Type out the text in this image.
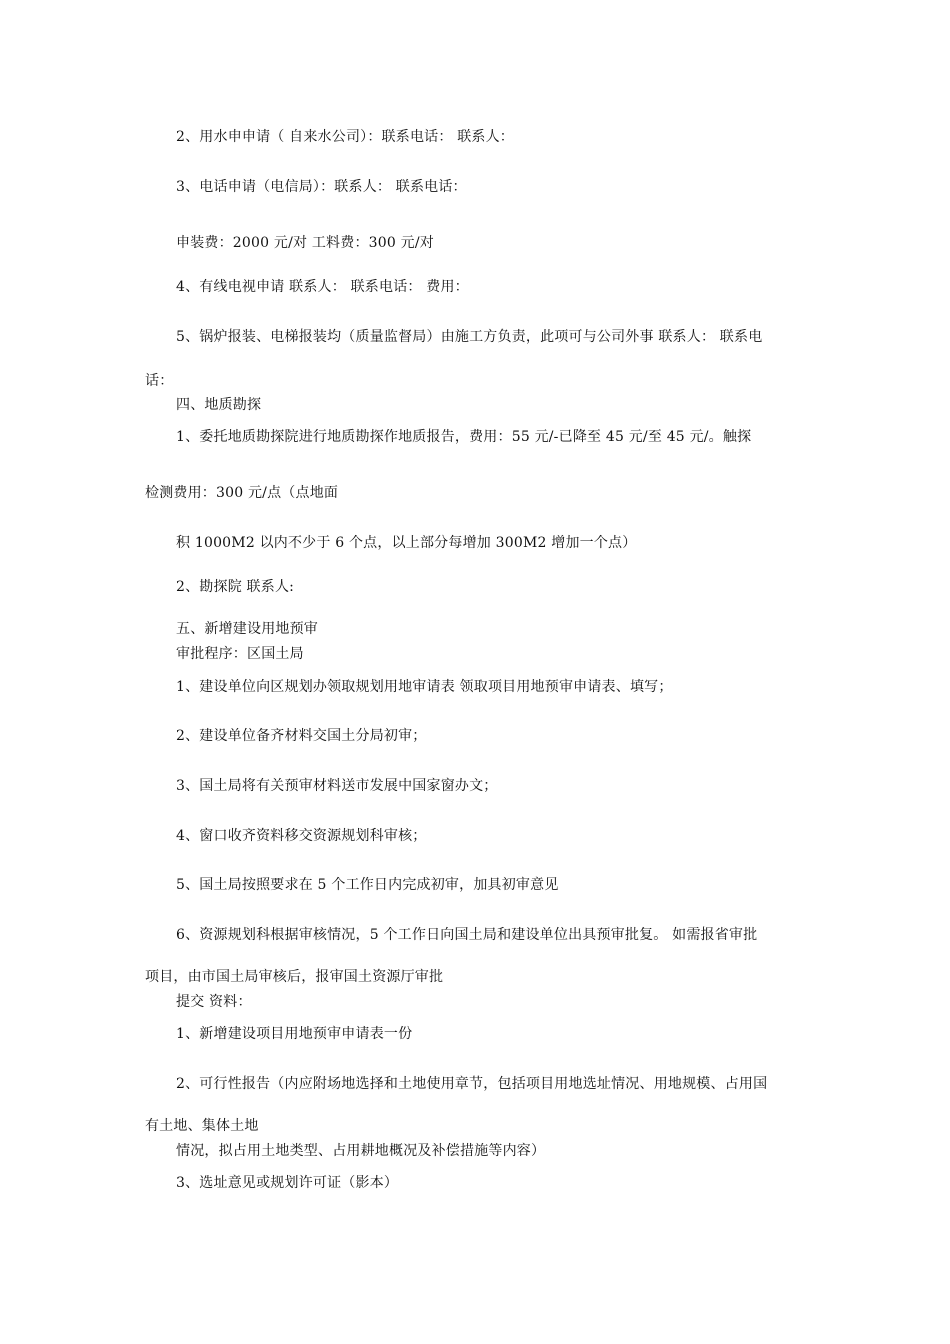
2、用水申申请（ 自来水公司）：联系电话： 联系人：
3、电话申请（电信局）：联系人： 联系电话：
申装费：2000 元/对 工料费：300 元/对
4、有线电视申请 联系人： 联系电话： 费用：
5、锅炉报装、电梯报装均（质量监督局）由施工方负责，此项可与公司外事 联系人： 联系电
话：
四、地质勘探
1、委托地质勘探院进行地质勘探作地质报告，费用：55 元/-已降至 45 元/至 45 元/。触探
检测费用：300 元/点（点地面
积 1000M2 以内不少于 6 个点，以上部分每增加 300M2 增加一个点）
2、勘探院 联系人:
五、新增建设用地预审
审批程序：区国土局
1、建设单位向区规划办领取规划用地审请表 领取项目用地预审申请表、填写；
2、建设单位备齐材料交国土分局初审；
3、国土局将有关预审材料送市发展中国家窗办文；
4、窗口收齐资料移交资源规划科审核；
5、国土局按照要求在 5 个工作日内完成初审，加具初审意见
6、资源规划科根据审核情况，5 个工作日向国土局和建设单位出具预审批复。 如需报省审批
项目，由市国土局审核后，报审国土资源厅审批
提交 资料：
1、新增建设项目用地预审申请表一份
2、可行性报告（内应附场地选择和土地使用章节，包括项目用地选址情况、用地规模、占用国
有土地、集体土地
情况，拟占用土地类型、占用耕地概况及补偿措施等内容）
3、选址意见或规划许可证（影本）
